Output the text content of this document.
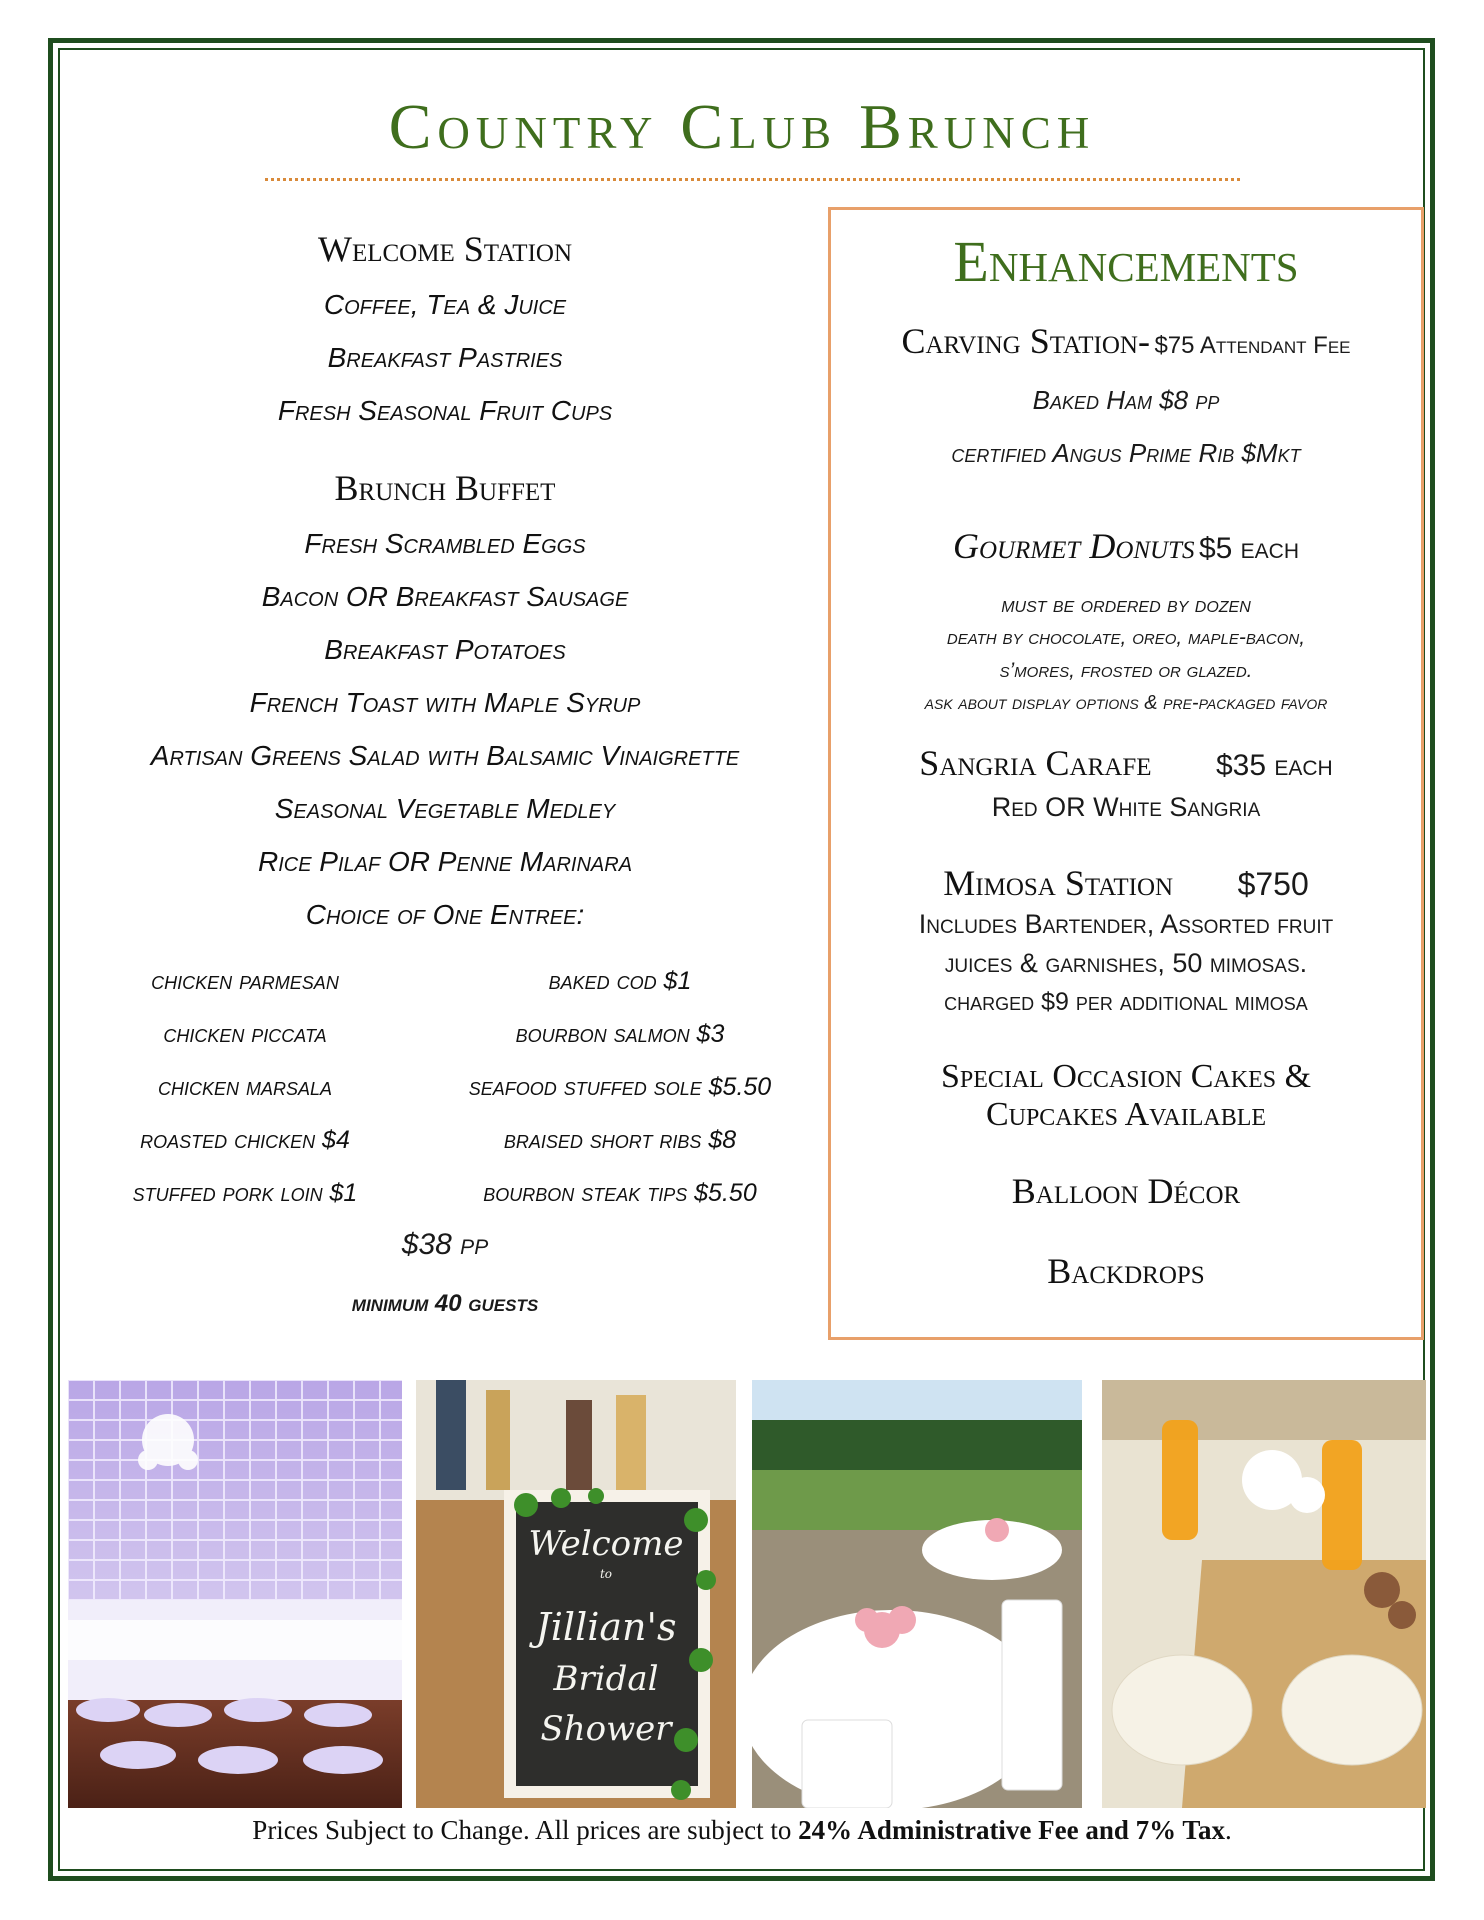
Country Club Brunch
Welcome Station
Coffee, Tea & Juice
Breakfast Pastries
Fresh Seasonal Fruit Cups
Brunch Buffet
Fresh Scrambled Eggs
Bacon OR Breakfast Sausage
Breakfast Potatoes
French Toast with Maple Syrup
Artisan Greens Salad with Balsamic Vinaigrette
Seasonal Vegetable Medley
Rice Pilaf OR Penne Marinara
Choice of One Entree:
chicken parmesan	baked cod $1
chicken piccata	bourbon salmon $3
chicken marsala	seafood stuffed sole $5.50
roasted chicken $4	braised short ribs $8
stuffed pork loin $1	bourbon steak tips $5.50
$38 pp
minimum 40 guests
Enhancements
Carving Station- $75 Attendant Fee
Baked Ham $8 pp
certified Angus Prime Rib $Mkt
Gourmet Donuts $5 each
must be ordered by dozen
death by chocolate, oreo, maple-bacon,
s’mores, frosted or glazed.
ask about display options & pre-packaged favor
Sangria Carafe $35 each
Red OR White Sangria
Mimosa Station $750
Includes Bartender, Assorted fruit
juices & garnishes, 50 mimosas.
charged $9 per additional mimosa
Special Occasion Cakes &
Cupcakes Available
Balloon Décor
Backdrops
Welcome
to
Jillian's
Bridal
Shower
Prices Subject to Change. All prices are subject to 24% Administrative Fee and 7% Tax.
